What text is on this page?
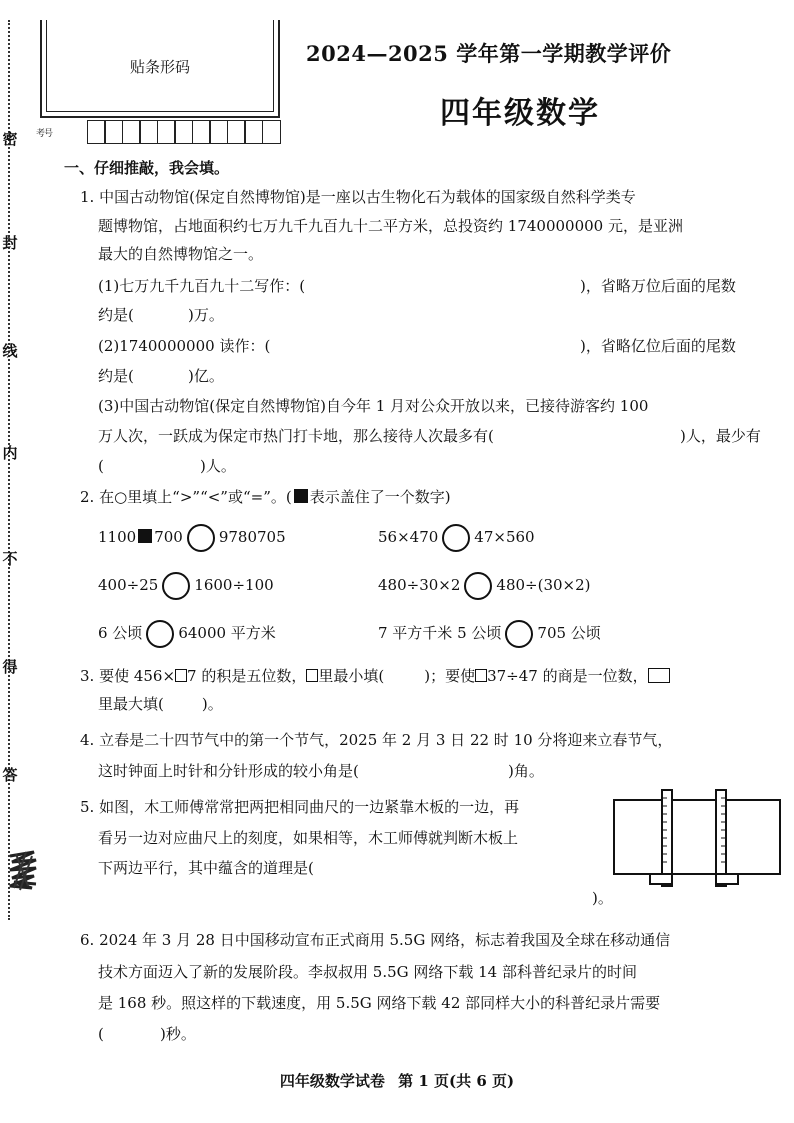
密
封
线
内
不
得
答
贴条形码
考号
2024—2025 学年第一学期教学评价
四年级数学
一、仔细推敲，我会填。
1. 中国古动物馆(保定自然博物馆)是一座以古生物化石为载体的国家级自然科学类专
题博物馆，占地面积约七万九千九百九十二平方米，总投资约 1740000000 元，是亚洲
最大的自然博物馆之一。
(1)七万九千九百九十二写作：(	)，省略万位后面的尾数
约是(	)万。
(2)1740000000 读作：(	)，省略亿位后面的尾数
约是(	)亿。
(3)中国古动物馆(保定自然博物馆)自今年 1 月对公众开放以来，已接待游客约 100
万人次，一跃成为保定市热门打卡地，那么接待人次最多有(	)人，最少有
(	)人。
2. 在○里填上“>”“<”或“=”。( 表示盖住了一个数字)
1100 700 9780705	56×470 47×560
400÷25 1600÷100	480÷30×2 480÷(30×2)
6 公顷 64000 平方米	7 平方千米 5 公顷 705 公顷
3. 要使 456× 7 的积是五位数， 里最小填(	)；要使 37÷47 的商是一位数，
里最大填(	)。
4. 立春是二十四节气中的第一个节气，2025 年 2 月 3 日 22 时 10 分将迎来立春节气，
这时钟面上时针和分针形成的较小角是(	)角。
5. 如图，木工师傅常常把两把相同曲尺的一边紧靠木板的一边，再
看另一边对应曲尺上的刻度，如果相等，木工师傅就判断木板上
下两边平行，其中蕴含的道理是(
)。
6. 2024 年 3 月 28 日中国移动宣布正式商用 5.5G 网络，标志着我国及全球在移动通信
技术方面迈入了新的发展阶段。李叔叔用 5.5G 网络下载 14 部科普纪录片的时间
是 168 秒。照这样的下载速度，用 5.5G 网络下载 42 部同样大小的科普纪录片需要
(	)秒。
四年级数学试卷 第 1 页(共 6 页)
